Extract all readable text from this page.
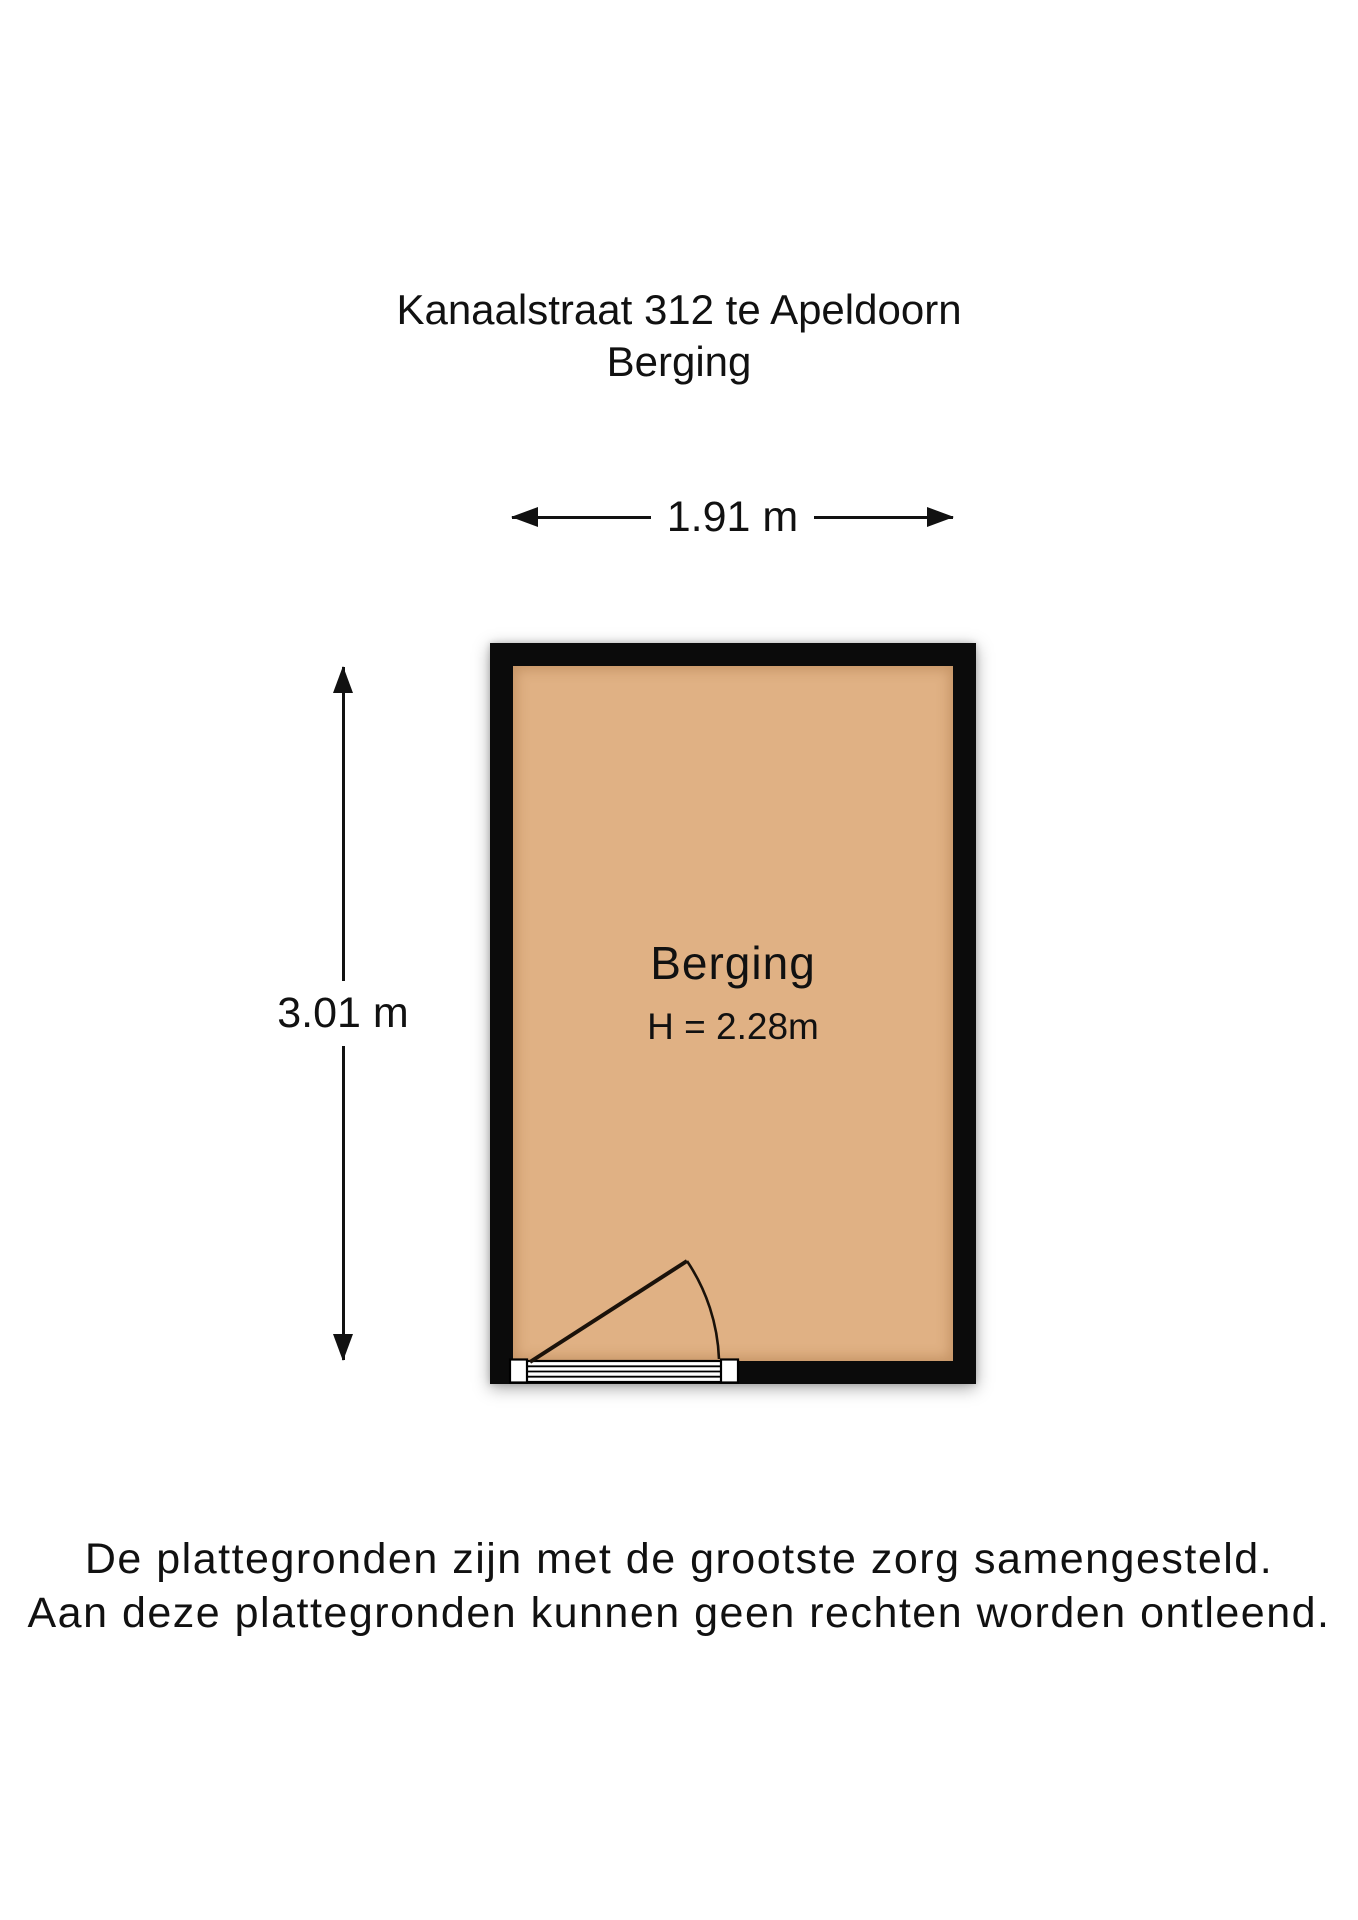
Kanaalstraat 312 te Apeldoorn
Berging
1.91 m
3.01 m
Berging
H = 2.28m
De plattegronden zijn met de grootste zorg samengesteld.
Aan deze plattegronden kunnen geen rechten worden ontleend.
